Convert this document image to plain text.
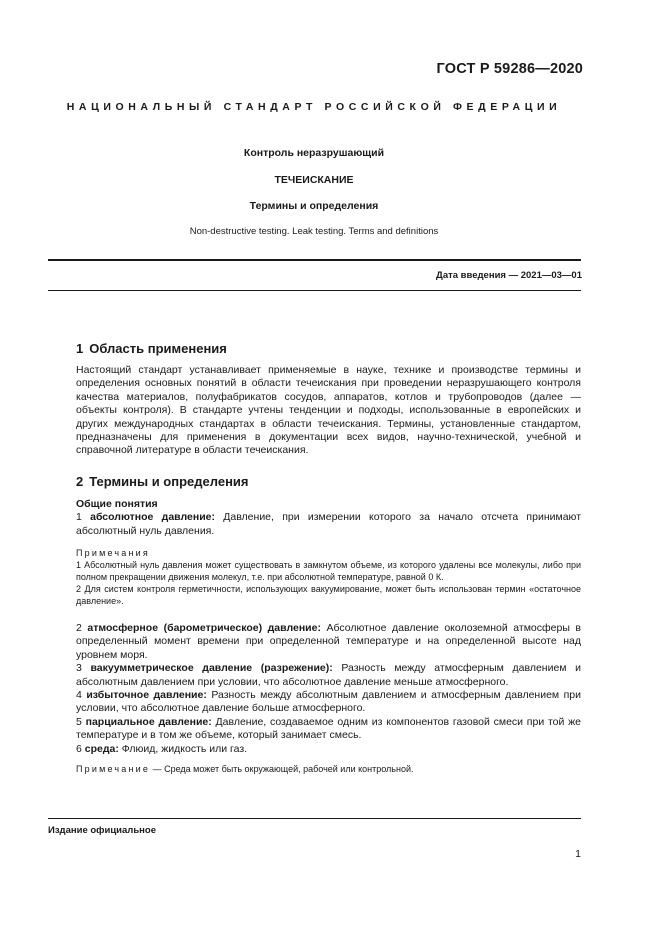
ГОСТ Р 59286—2020
НАЦИОНАЛЬНЫЙ СТАНДАРТ РОССИЙСКОЙ ФЕДЕРАЦИИ
Контроль неразрушающий
ТЕЧЕИСКАНИЕ
Термины и определения
Non-destructive testing. Leak testing. Terms and definitions
Дата введения — 2021—03—01
1 Область применения

Настоящий стандарт устанавливает применяемые в науке, технике и производстве термины и определения основных понятий в области течеискания при проведении неразрушающего контроля качества материалов, полуфабрикатов сосудов, аппаратов, котлов и трубопроводов (далее — объекты контроля). В стандарте учтены тенденции и подходы, использованные в европейских и других международных стандартах в области течеискания. Термины, установленные стандартом, предназначены для применения в документации всех видов, научно-технической, учебной и справочной литературе в области течеискания.

2 Термины и определения

Общие понятия

1 абсолютное давление: Давление, при измерении которого за начало отсчета принимают абсолютный нуль давления.

Примечания

1 Абсолютный нуль давления может существовать в замкнутом объеме, из которого удалены все молекулы, либо при полном прекращении движения молекул, т.е. при абсолютной температуре, равной 0 К.

2 Для систем контроля герметичности, использующих вакуумирование, может быть использован термин «остаточное давление».

2 атмосферное (барометрическое) давление: Абсолютное давление околоземной атмосферы в определенный момент времени при определенной температуре и на определенной высоте над уровнем моря.

3 вакуумметрическое давление (разрежение): Разность между атмосферным давлением и абсолютным давлением при условии, что абсолютное давление меньше атмосферного.

4 избыточное давление: Разность между абсолютным давлением и атмосферным давлением при условии, что абсолютное давление больше атмосферного.

5 парциальное давление: Давление, создаваемое одним из компонентов газовой смеси при той же температуре и в том же объеме, который занимает смесь.

6 среда: Флюид, жидкость или газ.

Примечание — Среда может быть окружающей, рабочей или контрольной.

Издание официальное
1
